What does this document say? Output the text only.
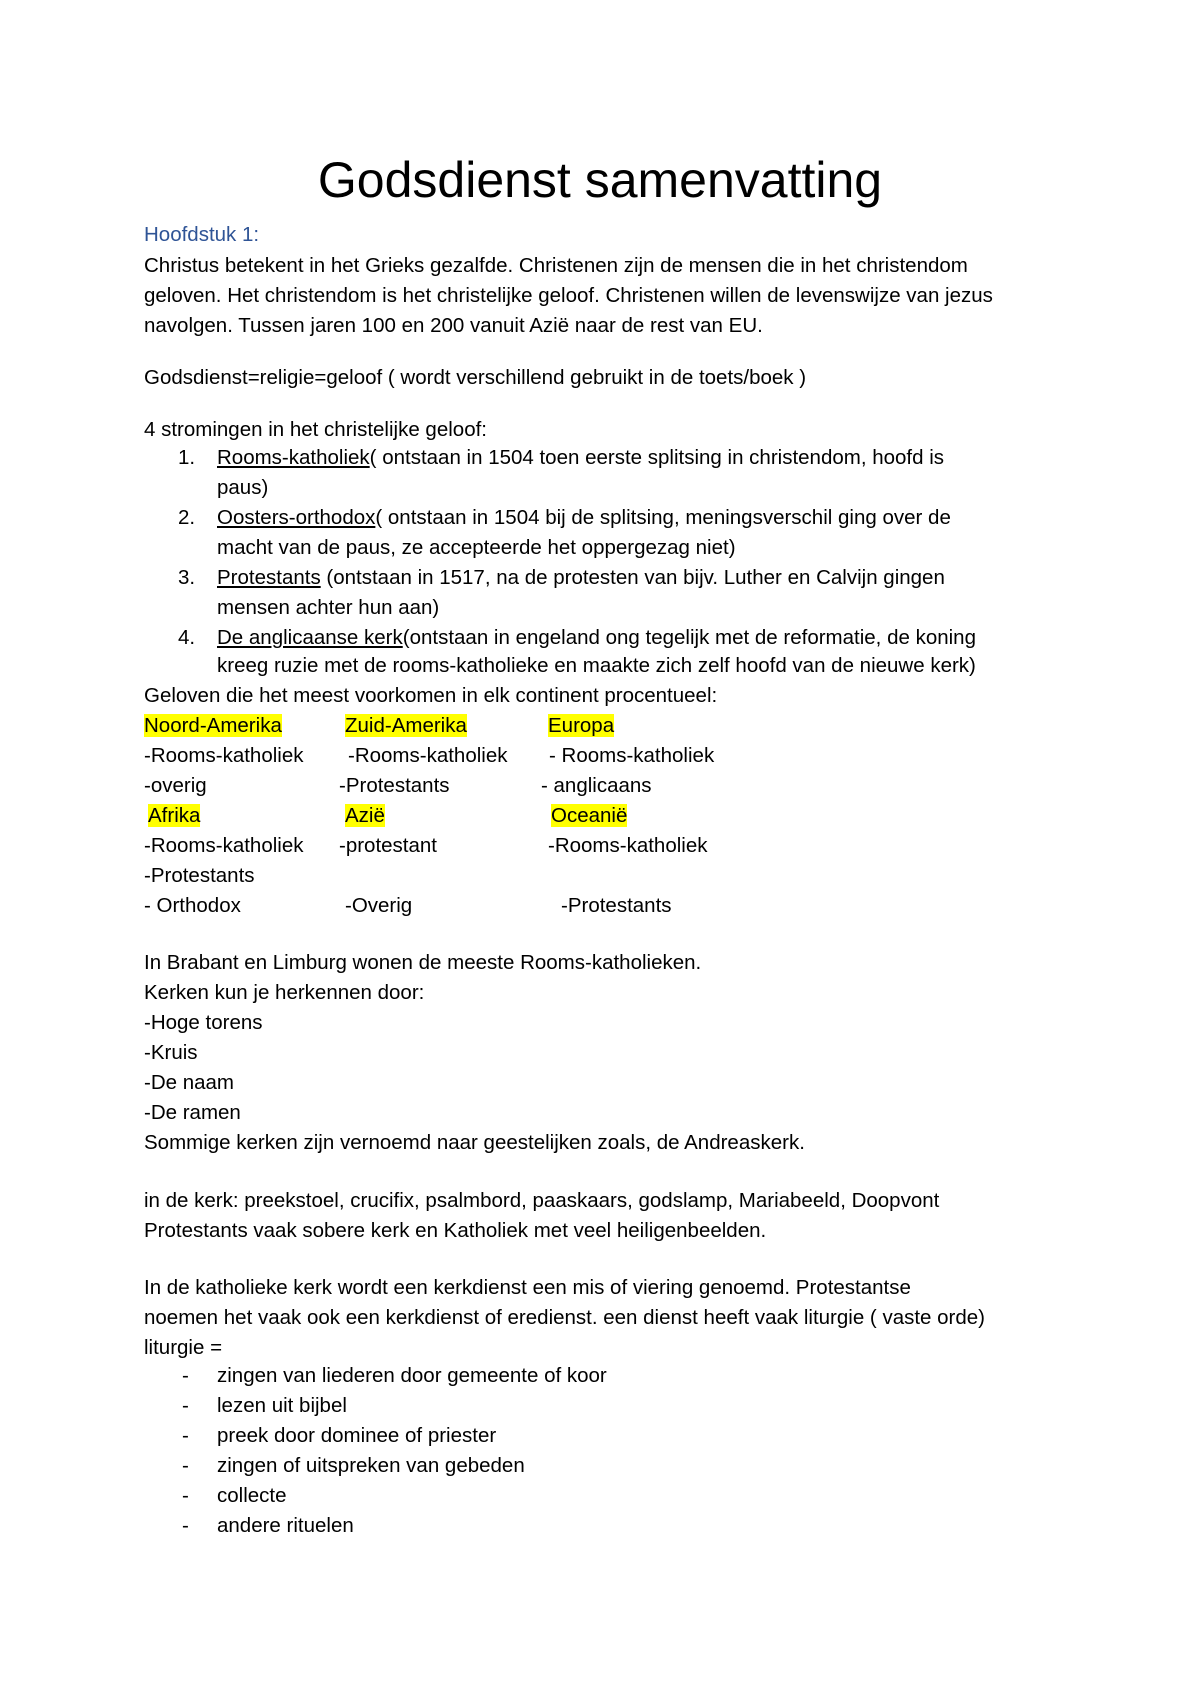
Godsdienst samenvatting
Hoofdstuk 1:
Christus betekent in het Grieks gezalfde. Christenen zijn de mensen die in het christendom
geloven. Het christendom is het christelijke geloof. Christenen willen de levenswijze van jezus
navolgen. Tussen jaren 100 en 200 vanuit Azië naar de rest van EU.
Godsdienst=religie=geloof ( wordt verschillend gebruikt in de toets/boek )
4 stromingen in het christelijke geloof:
1. Rooms-katholiek( ontstaan in 1504 toen eerste splitsing in christendom, hoofd is
paus)
2. Oosters-orthodox( ontstaan in 1504 bij de splitsing, meningsverschil ging over de
macht van de paus, ze accepteerde het oppergezag niet)
3. Protestants (ontstaan in 1517, na de protesten van bijv. Luther en Calvijn gingen
mensen achter hun aan)
4. De anglicaanse kerk(ontstaan in engeland ong tegelijk met de reformatie, de koning
kreeg ruzie met de rooms-katholieke en maakte zich zelf hoofd van de nieuwe kerk)
Geloven die het meest voorkomen in elk continent procentueel:
Noord-Amerika	Zuid-Amerika	Europa
-Rooms-katholiek -Rooms-katholiek - Rooms-katholiek
-overig	-Protestants	- anglicaans
Afrika	Azië	Oceanië
-Rooms-katholiek -protestant	-Rooms-katholiek
-Protestants
- Orthodox	-Overig	-Protestants
In Brabant en Limburg wonen de meeste Rooms-katholieken.
Kerken kun je herkennen door:
-Hoge torens
-Kruis
-De naam
-De ramen
Sommige kerken zijn vernoemd naar geestelijken zoals, de Andreaskerk.
in de kerk: preekstoel, crucifix, psalmbord, paaskaars, godslamp, Mariabeeld, Doopvont
Protestants vaak sobere kerk en Katholiek met veel heiligenbeelden.
In de katholieke kerk wordt een kerkdienst een mis of viering genoemd. Protestantse
noemen het vaak ook een kerkdienst of eredienst. een dienst heeft vaak liturgie ( vaste orde)
liturgie =
- zingen van liederen door gemeente of koor
- lezen uit bijbel
- preek door dominee of priester
- zingen of uitspreken van gebeden
- collecte
- andere rituelen
